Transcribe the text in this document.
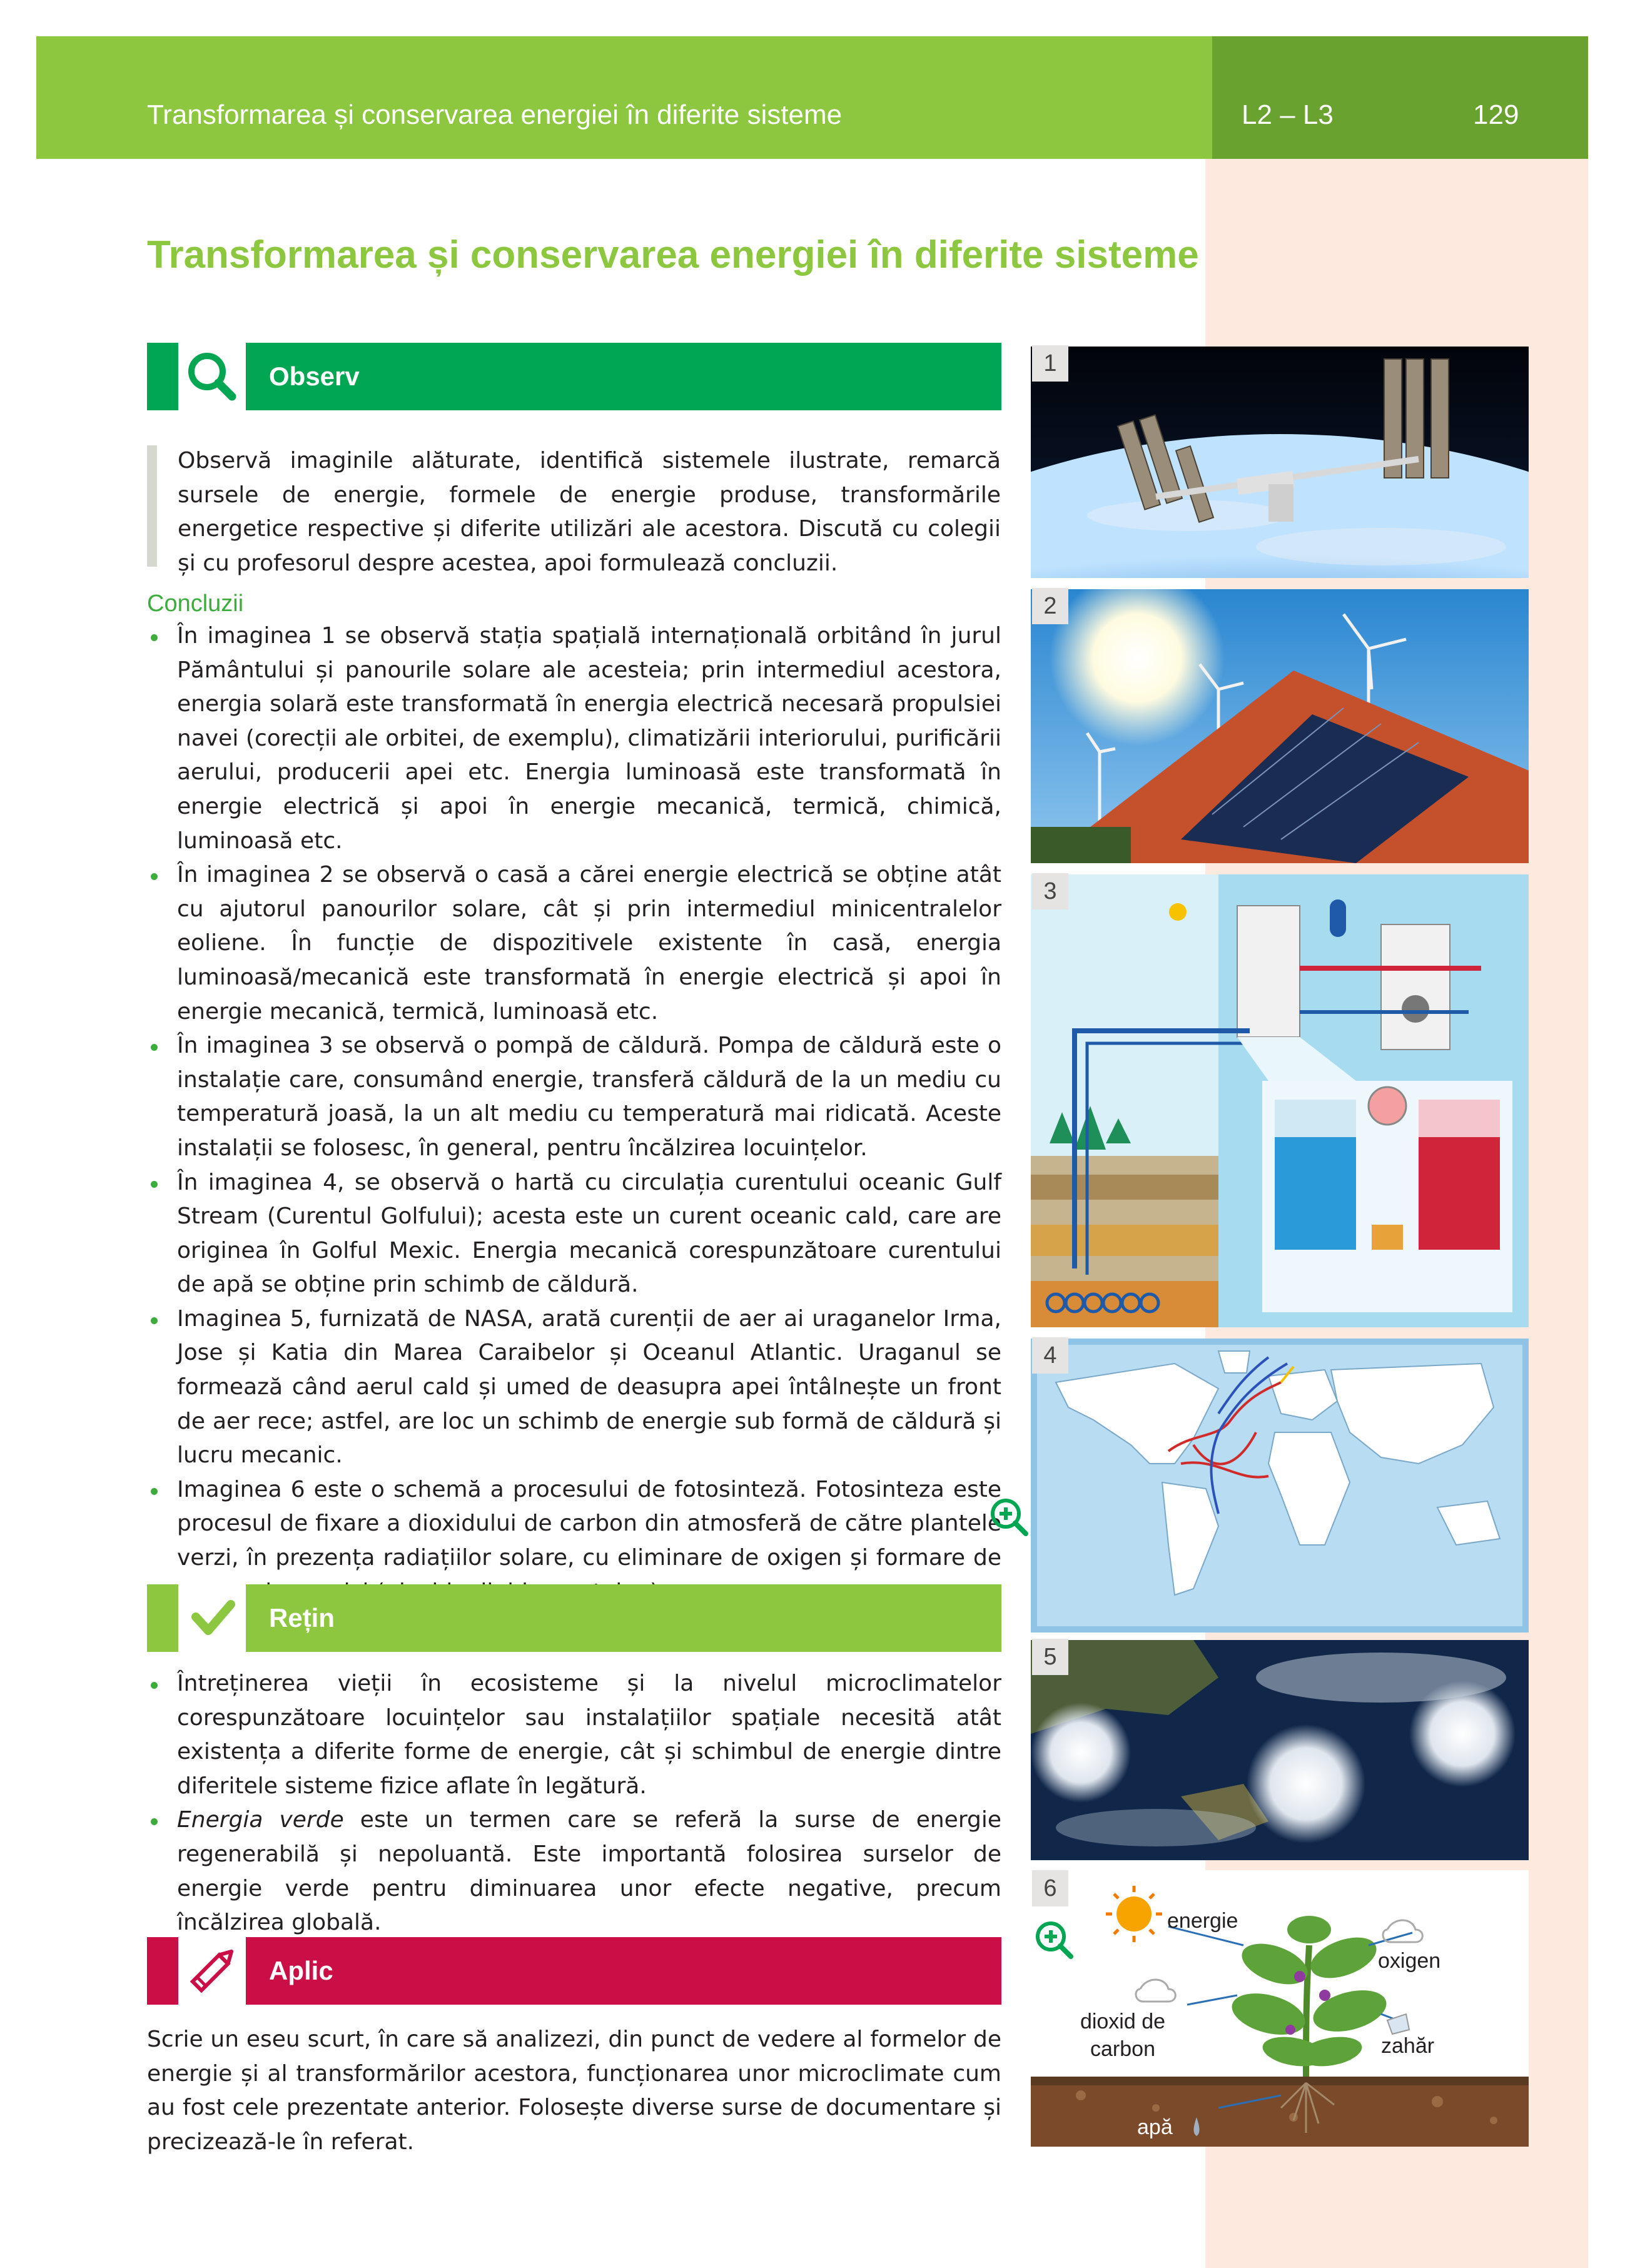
Transformarea și conservarea energiei în diferite sisteme	L2 – L3	129
Transformarea și conservarea energiei în diferite sisteme
Observ
Observă imaginile alăturate, identifică sistemele ilustrate, remarcă sursele de energie, formele de energie produse, transformările energetice respective și diferite utilizări ale acestora. Discută cu colegii și cu profesorul despre acestea, apoi formulează concluzii.
Concluzii
În imaginea 1 se observă stația spațială internațională orbitând în jurul Pământului și panourile solare ale acesteia; prin intermediul acestora, energia solară este transformată în energia electrică necesară propulsiei navei (corecții ale orbitei, de exemplu), climatizării interiorului, purificării aerului, producerii apei etc. Energia luminoasă este transformată în energie electrică și apoi în energie mecanică, termică, chimică, luminoasă etc.
În imaginea 2 se observă o casă a cărei energie electrică se obține atât cu ajutorul panourilor solare, cât și prin intermediul minicentralelor eoliene. În funcție de dispozitivele existente în casă, energia luminoasă/mecanică este transformată în energie electrică și apoi în energie mecanică, termică, luminoasă etc.
În imaginea 3 se observă o pompă de căldură. Pompa de căldură este o instalație care, consumând energie, transferă căldură de la un mediu cu temperatură joasă, la un alt mediu cu temperatură mai ridicată. Aceste instalații se folosesc, în general, pentru încălzirea locuințelor.
În imaginea 4, se observă o hartă cu circulația curentului oceanic Gulf Stream (Curentul Golfului); acesta este un curent oceanic cald, care are originea în Golful Mexic. Energia mecanică corespunzătoare curentului de apă se obține prin schimb de căldură.
Imaginea 5, furnizată de NASA, arată curenții de aer ai uraganelor Irma, Jose și Katia din Marea Caraibelor și Oceanul Atlantic. Uraganul se formează când aerul cald și umed de deasupra apei întâlnește un front de aer rece; astfel, are loc un schimb de energie sub formă de căldură și lucru mecanic.
Imaginea 6 este o schemă a procesului de fotosinteză. Fotosinteza este procesul de fixare a dioxidului de carbon din atmosferă de către plantele verzi, în prezența radiațiilor solare, cu eliminare de oxigen și formare de
Rețin
Întreținerea vieții în ecosisteme și la nivelul microclimatelor corespunzătoare locuințelor sau instalațiilor spațiale necesită atât existența a diferite forme de energie, cât și schimbul de energie dintre diferitele sisteme fizice aflate în legătură.
Energia verde este un termen care se referă la surse de energie regenerabilă și nepoluantă. Este importantă folosirea surselor de energie verde pentru diminuarea unor efecte negative, precum încălzirea globală.
Aplic
Scrie un eseu scurt, în care să analizezi, din punct de vedere al formelor de energie și al transformărilor acestora, funcționarea unor microclimate cum au fost cele prezentate anterior. Folosește diverse surse de documentare și precizează-le în referat.
1
2
3
4
5
energie
oxigen
dioxid de
carbon	zahăr
apă
6
